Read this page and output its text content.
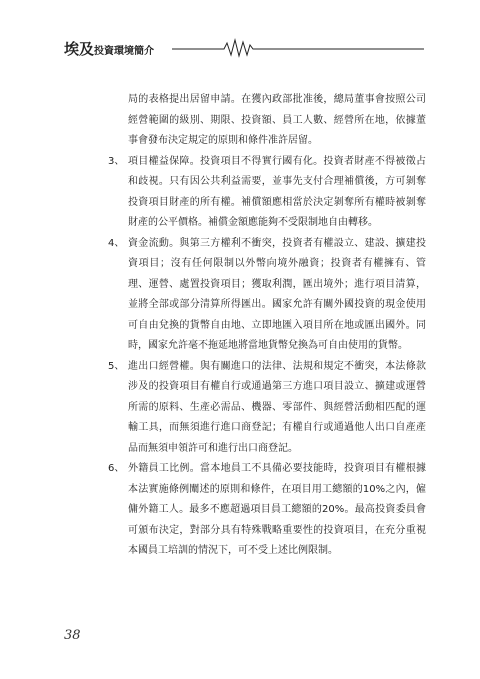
埃及投資環境簡介
局的表格提出居留申請。在獲內政部批准後，總局董事會按照公司經營範圍的級別、期限、投資額、員工人數、經營所在地，依據董事會發布決定規定的原則和條件准許居留。
3、 項目權益保障。投資項目不得實行國有化。投資者財產不得被徵占和歧視。只有因公共利益需要，並事先支付合理補償後，方可剝奪投資項目財產的所有權。補償額應相當於決定剝奪所有權時被剝奪財產的公平價格。補償金額應能夠不受限制地自由轉移。
4、 資金流動。與第三方權利不衝突，投資者有權設立、建設、擴建投資項目；沒有任何限制以外幣向境外融資；投資者有權擁有、管理、運營、處置投資項目；獲取利潤，匯出境外；進行項目清算，並將全部或部分清算所得匯出。國家允許有關外國投資的現金使用可自由兌換的貨幣自由地、立即地匯入項目所在地或匯出國外。同時，國家允許毫不拖延地將當地貨幣兌換為可自由使用的貨幣。
5、 進出口經營權。與有關進口的法律、法規和規定不衝突，本法條款涉及的投資項目有權自行或通過第三方進口項目設立、擴建或運營所需的原料、生產必需品、機器、零部件、與經營活動相匹配的運輸工具，而無須進行進口商登記；有權自行或通過他人出口自產產品而無須申領許可和進行出口商登記。
6、 外籍員工比例。當本地員工不具備必要技能時，投資項目有權根據本法實施條例闡述的原則和條件，在項目用工總額的10%之內，僱傭外籍工人。最多不應超過項目員工總額的20%。最高投資委員會可頒布決定，對部分具有特殊戰略重要性的投資項目，在充分重視本國員工培訓的情況下，可不受上述比例限制。
38
